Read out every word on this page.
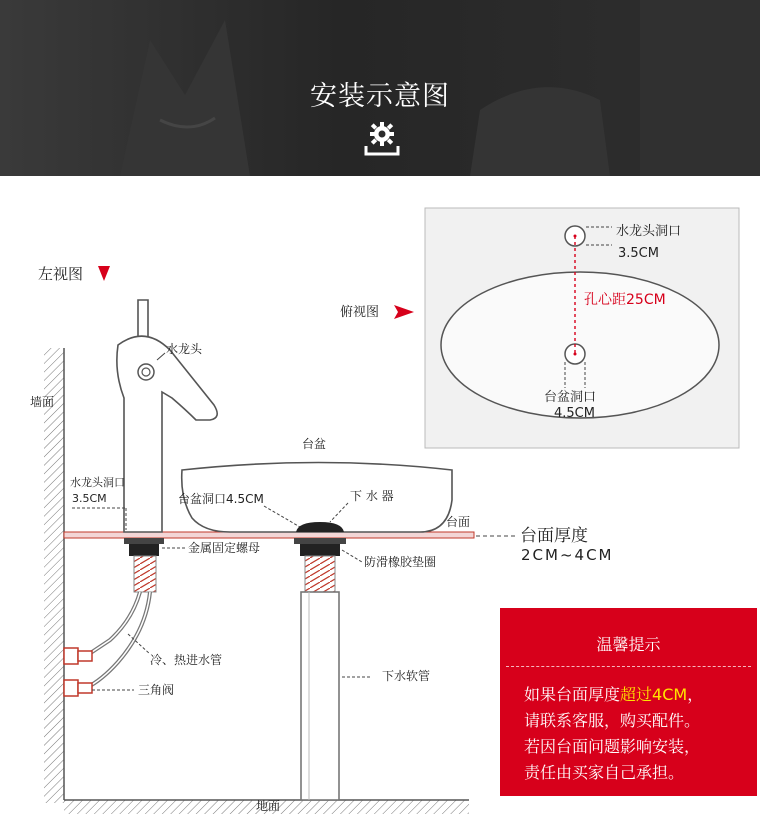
安装示意图
左视图
墙面
地面
台面
台面厚度
2CM~4CM
水龙头
水龙头洞口
3.5CM
金属固定螺母
冷、热进水管
三角阀
台盆
台盆洞口4.5CM	下 水 器
防滑橡胶垫圈
下水软管
俯视图
水龙头洞口
3.5CM
孔心距25CM
台盆洞口
4.5CM
温馨提示
如果台面厚度超过4CM，
请联系客服，购买配件。
若因台面问题影响安装，
责任由买家自己承担。
